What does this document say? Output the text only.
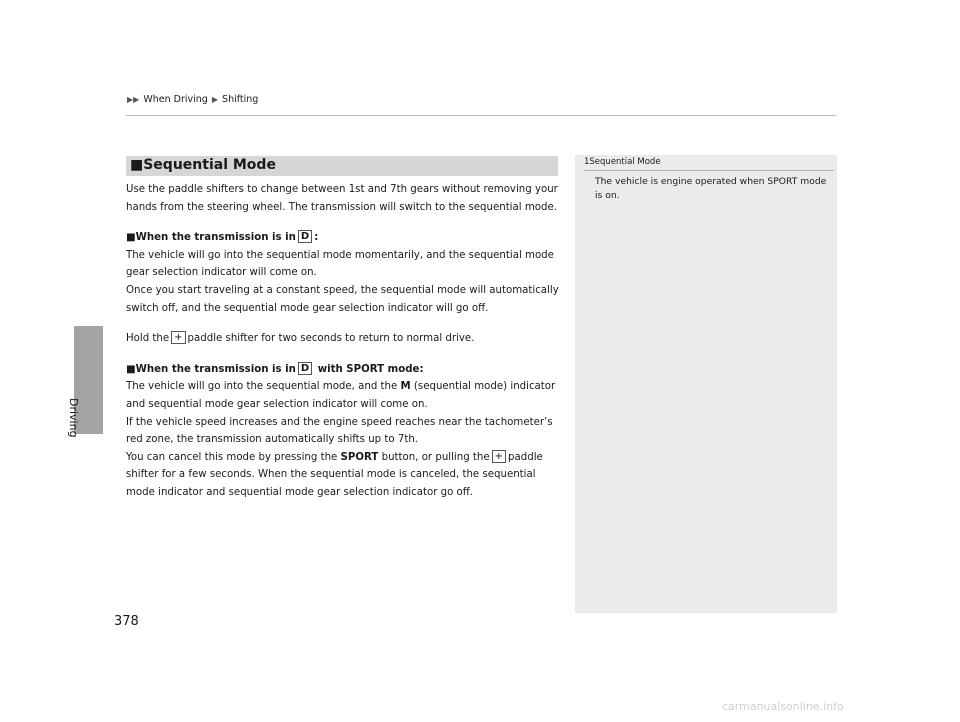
Driving
▶▶ When Driving ▶ Shifting
■Sequential Mode

Use the paddle shifters to change between 1st and 7th gears without removing your hands from the steering wheel. The transmission will switch to the sequential mode.

■When the transmission is in D :

The vehicle will go into the sequential mode momentarily, and the sequential mode gear selection indicator will come on.

Once you start traveling at a constant speed, the sequential mode will automatically switch off, and the sequential mode gear selection indicator will go off.

Hold the + paddle shifter for two seconds to return to normal drive.

■When the transmission is in D with SPORT mode:

The vehicle will go into the sequential mode, and the M (sequential mode) indicator and sequential mode gear selection indicator will come on.

If the vehicle speed increases and the engine speed reaches near the tachometer’s red zone, the transmission automatically shifts up to 7th.

You can cancel this mode by pressing the SPORT button, or pulling the + paddle shifter for a few seconds. When the sequential mode is canceled, the sequential mode indicator and sequential mode gear selection indicator go off.

1Sequential Mode
The vehicle is engine operated when SPORT mode is on.
378
carmanualsonline.info
